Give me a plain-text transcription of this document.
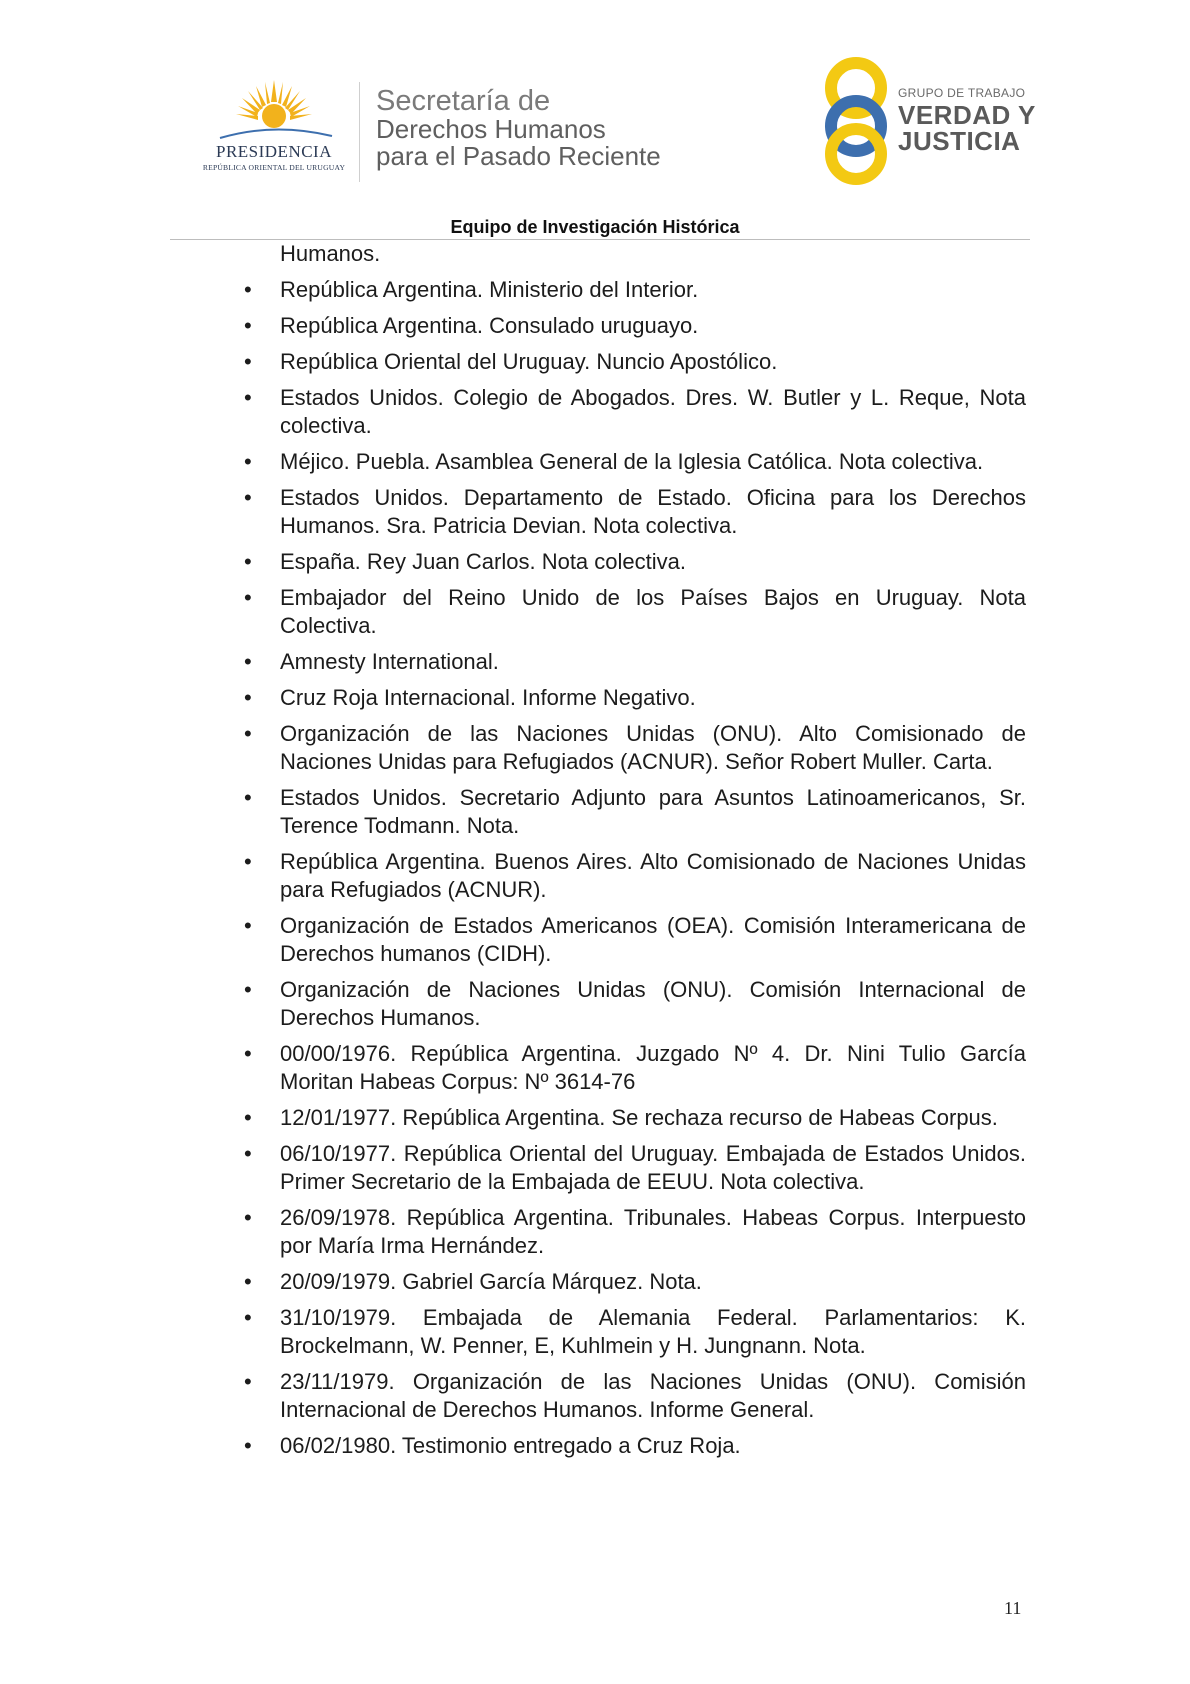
PRESIDENCIA
REPÚBLICA ORIENTAL DEL URUGUAY
Secretaría de
Derechos Humanos
para el Pasado Reciente
GRUPO DE TRABAJO
VERDAD Y
JUSTICIA
Equipo de Investigación Histórica
Humanos.
• República Argentina. Ministerio del Interior.
• República Argentina. Consulado uruguayo.
• República Oriental del Uruguay. Nuncio Apostólico.
• Estados Unidos. Colegio de Abogados. Dres. W. Butler y L. Reque, Nota colectiva.
• Méjico. Puebla. Asamblea General de la Iglesia Católica. Nota colectiva.
• Estados Unidos. Departamento de Estado. Oficina para los Derechos Humanos. Sra. Patricia Devian. Nota colectiva.
• España. Rey Juan Carlos. Nota colectiva.
• Embajador del Reino Unido de los Países Bajos en Uruguay. Nota Colectiva.
• Amnesty International.
• Cruz Roja Internacional. Informe Negativo.
• Organización de las Naciones Unidas (ONU). Alto Comisionado de Naciones Unidas para Refugiados (ACNUR). Señor Robert Muller. Carta.
• Estados Unidos. Secretario Adjunto para Asuntos Latinoamericanos, Sr. Terence Todmann. Nota.
• República Argentina. Buenos Aires. Alto Comisionado de Naciones Unidas para Refugiados (ACNUR).
• Organización de Estados Americanos (OEA). Comisión Interamericana de Derechos humanos (CIDH).
• Organización de Naciones Unidas (ONU). Comisión Internacional de Derechos Humanos.
• 00/00/1976. República Argentina. Juzgado Nº 4. Dr. Nini Tulio García Moritan Habeas Corpus: Nº 3614-76
• 12/01/1977. República Argentina. Se rechaza recurso de Habeas Corpus.
• 06/10/1977. República Oriental del Uruguay. Embajada de Estados Unidos. Primer Secretario de la Embajada de EEUU. Nota colectiva.
• 26/09/1978. República Argentina. Tribunales. Habeas Corpus. Interpuesto por María Irma Hernández.
• 20/09/1979. Gabriel García Márquez. Nota.
• 31/10/1979. Embajada de Alemania Federal. Parlamentarios: K. Brockelmann, W. Penner, E, Kuhlmein y H. Jungnann. Nota.
• 23/11/1979. Organización de las Naciones Unidas (ONU). Comisión Internacional de Derechos Humanos. Informe General.
• 06/02/1980. Testimonio entregado a Cruz Roja.
11
